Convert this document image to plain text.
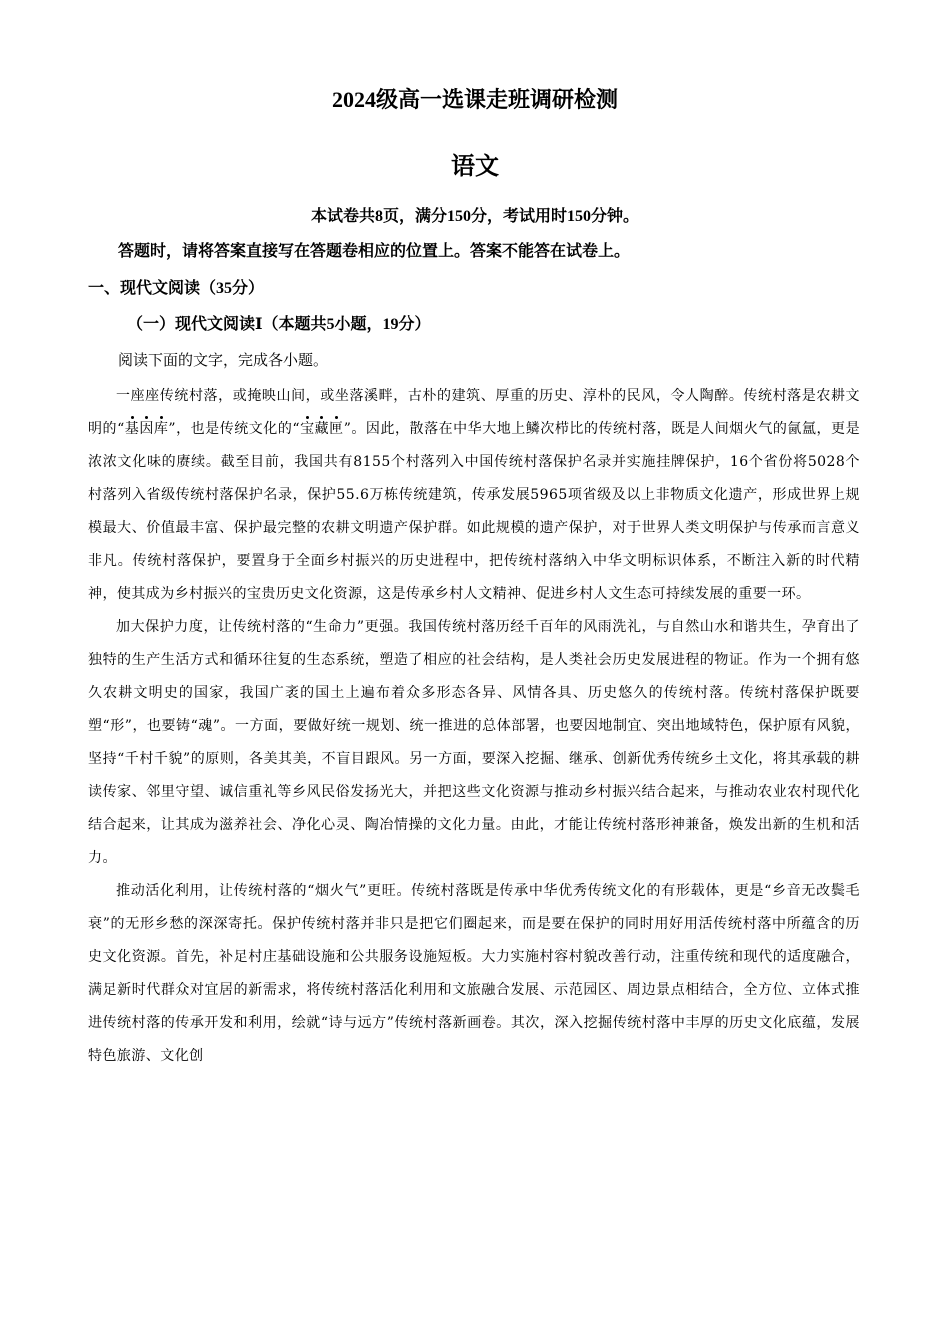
2024级高一选课走班调研检测
语文
本试卷共8页，满分150分，考试用时150分钟。
答题时，请将答案直接写在答题卷相应的位置上。答案不能答在试卷上。
一、现代文阅读（35分）
（一）现代文阅读Ⅰ（本题共5小题，19分）
阅读下面的文字，完成各小题。

一座座传统村落，或掩映山间，或坐落溪畔，古朴的建筑、厚重的历史、淳朴的民风，令人陶醉。传统村落是农耕文明的“基因库”，也是传统文化的“宝藏匣”。因此，散落在中华大地上鳞次栉比的传统村落，既是人间烟火气的氤氲，更是浓浓文化味的赓续。截至目前，我国共有8155个村落列入中国传统村落保护名录并实施挂牌保护，16个省份将5028个村落列入省级传统村落保护名录，保护55.6万栋传统建筑，传承发展5965项省级及以上非物质文化遗产，形成世界上规模最大、价值最丰富、保护最完整的农耕文明遗产保护群。如此规模的遗产保护，对于世界人类文明保护与传承而言意义非凡。传统村落保护，要置身于全面乡村振兴的历史进程中，把传统村落纳入中华文明标识体系，不断注入新的时代精神，使其成为乡村振兴的宝贵历史文化资源，这是传承乡村人文精神、促进乡村人文生态可持续发展的重要一环。

加大保护力度，让传统村落的“生命力”更强。我国传统村落历经千百年的风雨洗礼，与自然山水和谐共生，孕育出了独特的生产生活方式和循环往复的生态系统，塑造了相应的社会结构，是人类社会历史发展进程的物证。作为一个拥有悠久农耕文明史的国家，我国广袤的国土上遍布着众多形态各异、风情各具、历史悠久的传统村落。传统村落保护既要塑“形”，也要铸“魂”。一方面，要做好统一规划、统一推进的总体部署，也要因地制宜、突出地域特色，保护原有风貌，坚持“千村千貌”的原则，各美其美，不盲目跟风。另一方面，要深入挖掘、继承、创新优秀传统乡土文化，将其承载的耕读传家、邻里守望、诚信重礼等乡风民俗发扬光大，并把这些文化资源与推动乡村振兴结合起来，与推动农业农村现代化结合起来，让其成为滋养社会、净化心灵、陶冶情操的文化力量。由此，才能让传统村落形神兼备，焕发出新的生机和活力。

推动活化利用，让传统村落的“烟火气”更旺。传统村落既是传承中华优秀传统文化的有形载体，更是“乡音无改鬓毛衰”的无形乡愁的深深寄托。保护传统村落并非只是把它们圈起来，而是要在保护的同时用好用活传统村落中所蕴含的历史文化资源。首先，补足村庄基础设施和公共服务设施短板。大力实施村容村貌改善行动，注重传统和现代的适度融合，满足新时代群众对宜居的新需求，将传统村落活化利用和文旅融合发展、示范园区、周边景点相结合，全方位、立体式推进传统村落的传承开发和利用，绘就“诗与远方”传统村落新画卷。其次，深入挖掘传统村落中丰厚的历史文化底蕴，发展特色旅游、文化创
